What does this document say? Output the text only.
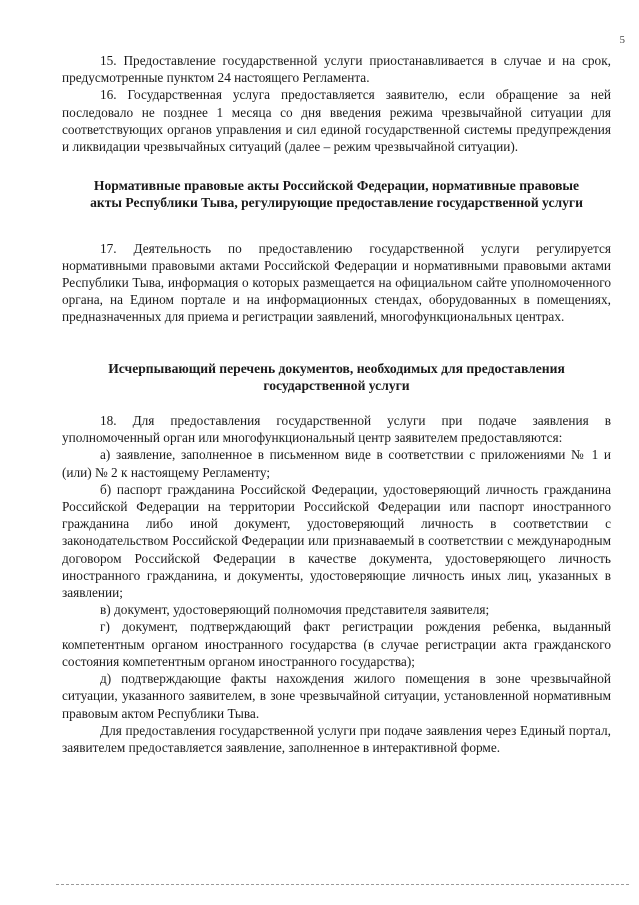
5

15. Предоставление государственной услуги приостанавливается в случае и на срок, предусмотренные пунктом 24 настоящего Регламента.

16. Государственная услуга предоставляется заявителю, если обращение за ней последовало не позднее 1 месяца со дня введения режима чрезвычайной ситуации для соответствующих органов управления и сил единой государственной системы предупреждения и ликвидации чрезвычайных ситуаций (далее – режим чрезвычайной ситуации).

Нормативные правовые акты Российской Федерации, нормативные правовые акты Республики Тыва, регулирующие предоставление государственной услуги

17. Деятельность по предоставлению государственной услуги регулируется нормативными правовыми актами Российской Федерации и нормативными правовыми актами Республики Тыва, информация о которых размещается на официальном сайте уполномоченного органа, на Едином портале и на информационных стендах, оборудованных в помещениях, предназначенных для приема и регистрации заявлений, многофункциональных центрах.

Исчерпывающий перечень документов, необходимых для предоставления государственной услуги

18. Для предоставления государственной услуги при подаче заявления в уполномоченный орган или многофункциональный центр заявителем предоставляются:

а) заявление, заполненное в письменном виде в соответствии с приложениями № 1 и (или) № 2 к настоящему Регламенту;

б) паспорт гражданина Российской Федерации, удостоверяющий личность гражданина Российской Федерации на территории Российской Федерации или паспорт иностранного гражданина либо иной документ, удостоверяющий личность в соответствии с законодательством Российской Федерации или признаваемый в соответствии с международным договором Российской Федерации в качестве документа, удостоверяющего личность иностранного гражданина, и документы, удостоверяющие личность иных лиц, указанных в заявлении;

в) документ, удостоверяющий полномочия представителя заявителя;

г) документ, подтверждающий факт регистрации рождения ребенка, выданный компетентным органом иностранного государства (в случае регистрации акта гражданского состояния компетентным органом иностранного государства);

д) подтверждающие факты нахождения жилого помещения в зоне чрезвычайной ситуации, указанного заявителем, в зоне чрезвычайной ситуации, установленной нормативным правовым актом Республики Тыва.

Для предоставления государственной услуги при подаче заявления через Единый портал, заявителем предоставляется заявление, заполненное в интерактивной форме.
